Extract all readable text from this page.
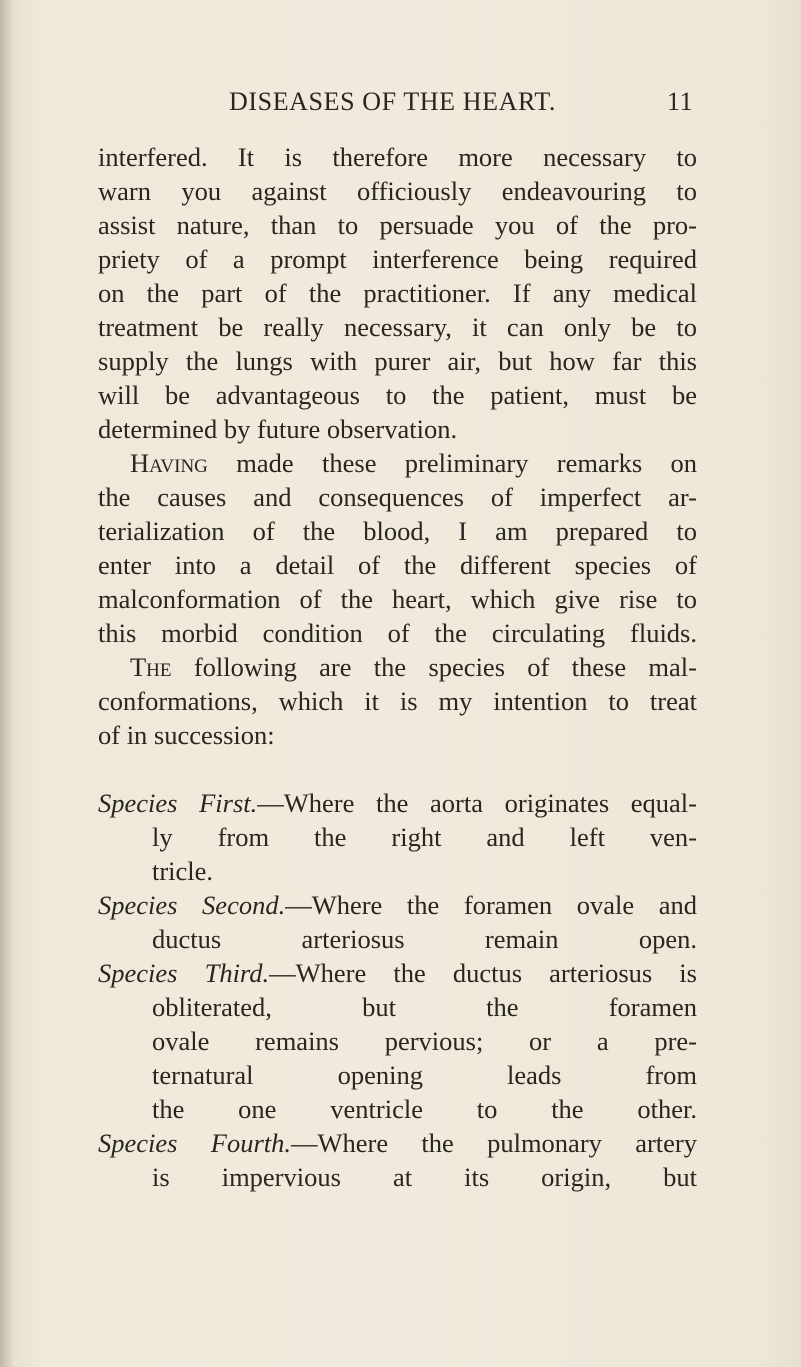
DISEASES OF THE HEART.	11
interfered. It is therefore more necessary to
warn you against officiously endeavouring to
assist nature, than to persuade you of the pro-
priety of a prompt interference being required
on the part of the practitioner. If any medical
treatment be really necessary, it can only be to
supply the lungs with purer air, but how far this
will be advantageous to the patient, must be
determined by future observation.
Having made these preliminary remarks on
the causes and consequences of imperfect ar-
terialization of the blood, I am prepared to
enter into a detail of the different species of
malconformation of the heart, which give rise to
this morbid condition of the circulating fluids.
The following are the species of these mal-
conformations, which it is my intention to treat
of in succession:
Species First.—Where the aorta originates equal-
ly from the right and left ven-
tricle.
Species Second.—Where the foramen ovale and
ductus arteriosus remain open.
Species Third.—Where the ductus arteriosus is
obliterated, but the foramen
ovale remains pervious; or a pre-
ternatural opening leads from
the one ventricle to the other.
Species Fourth.—Where the pulmonary artery
is impervious at its origin, but
